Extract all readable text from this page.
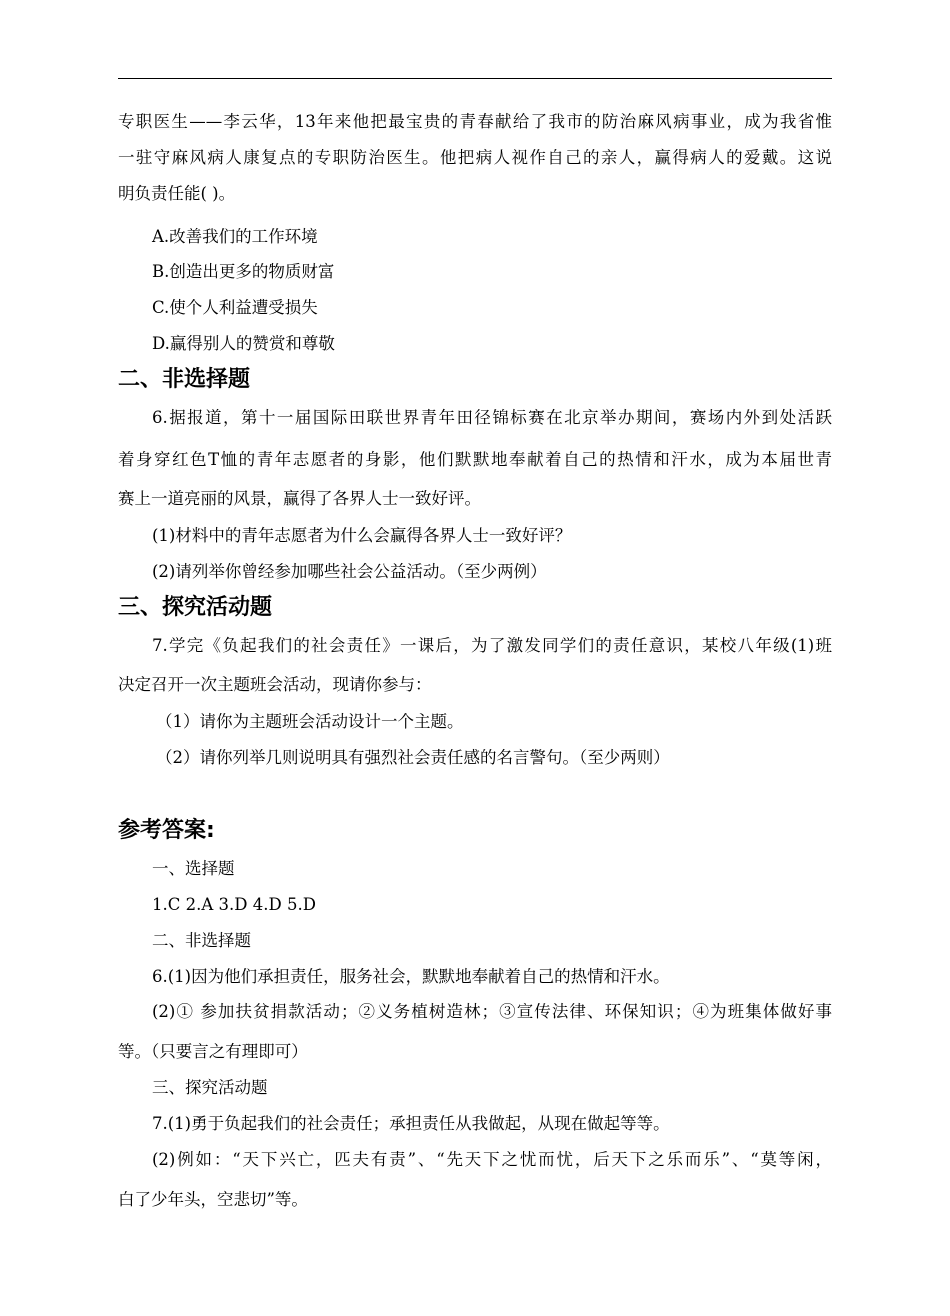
专职医生——李云华，13年来他把最宝贵的青春献给了我市的防治麻风病事业，成为我省惟
一驻守麻风病人康复点的专职防治医生。他把病人视作自己的亲人，赢得病人的爱戴。这说
明负责任能( )。
A.改善我们的工作环境
B.创造出更多的物质财富
C.使个人利益遭受损失
D.赢得别人的赞赏和尊敬
二、非选择题
6.据报道，第十一届国际田联世界青年田径锦标赛在北京举办期间，赛场内外到处活跃
着身穿红色T恤的青年志愿者的身影，他们默默地奉献着自己的热情和汗水，成为本届世青
赛上一道亮丽的风景，赢得了各界人士一致好评。
(1)材料中的青年志愿者为什么会赢得各界人士一致好评？
(2)请列举你曾经参加哪些社会公益活动。（至少两例）
三、探究活动题
7.学完《负起我们的社会责任》一课后，为了激发同学们的责任意识，某校八年级(1)班
决定召开一次主题班会活动，现请你参与：
（1）请你为主题班会活动设计一个主题。
（2）请你列举几则说明具有强烈社会责任感的名言警句。（至少两则）
参考答案:
一、选择题
1.C 2.A 3.D 4.D 5.D
二、非选择题
6.(1)因为他们承担责任，服务社会，默默地奉献着自己的热情和汗水。
(2)① 参加扶贫捐款活动；②义务植树造林；③宣传法律、环保知识；④为班集体做好事
等。（只要言之有理即可）
三、探究活动题
7.(1)勇于负起我们的社会责任；承担责任从我做起，从现在做起等等。
(2)例如：“天下兴亡，匹夫有责”、“先天下之忧而忧，后天下之乐而乐”、“莫等闲，
白了少年头，空悲切”等。
